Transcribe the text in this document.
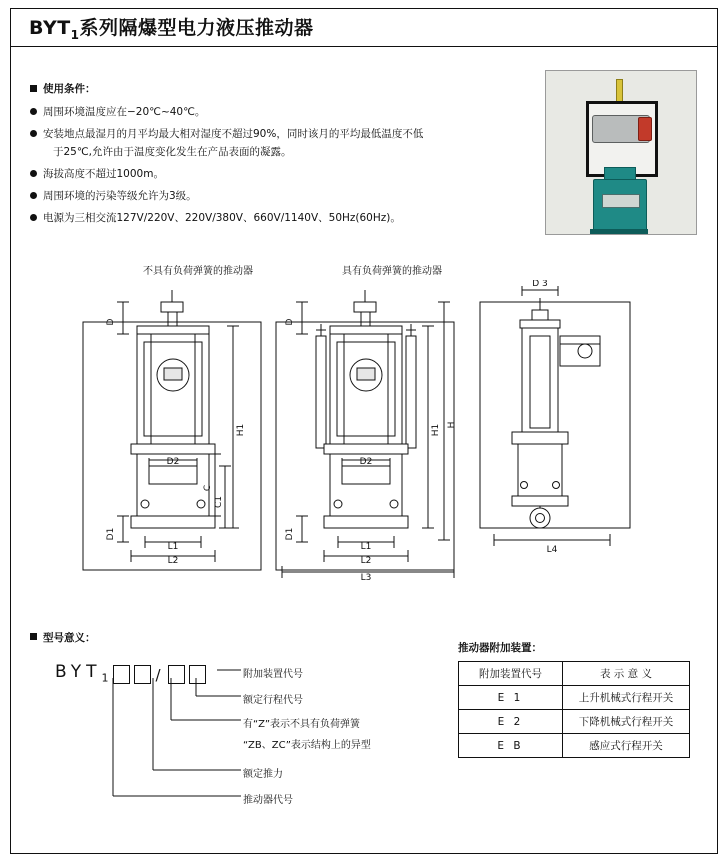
$BYT_1$系列隔爆型电力液压推动器
使用条件：
周围环境温度应在−20℃~40℃。
安装地点最湿月的月平均最大相对湿度不超过90%，同时该月的平均最低温度不低
于25℃,允许由于温度变化发生在产品表面的凝露。
海拔高度不超过1000m。
周围环境的污染等级允许为3级。
电源为三相交流127V/220V、220V/380V、660V/1140V、50Hz(60Hz)。
不具有负荷弹簧的推动器	具有负荷弹簧的推动器
D
H1
D1
D2
L1
L2
C
C1
D
H1 H
D1
D2
L1
L2
L3
D 3
L4
型号意义：
$BYT_1$	/	附加装置代号
额定行程代号
有“Z”表示不具有负荷弹簧
“ZB、ZC”表示结构上的异型
额定推力
推动器代号
推动器附加装置：
附加装置代号	表 示 意 义
E 1	上升机械式行程开关
E 2	下降机械式行程开关
E B	感应式行程开关
